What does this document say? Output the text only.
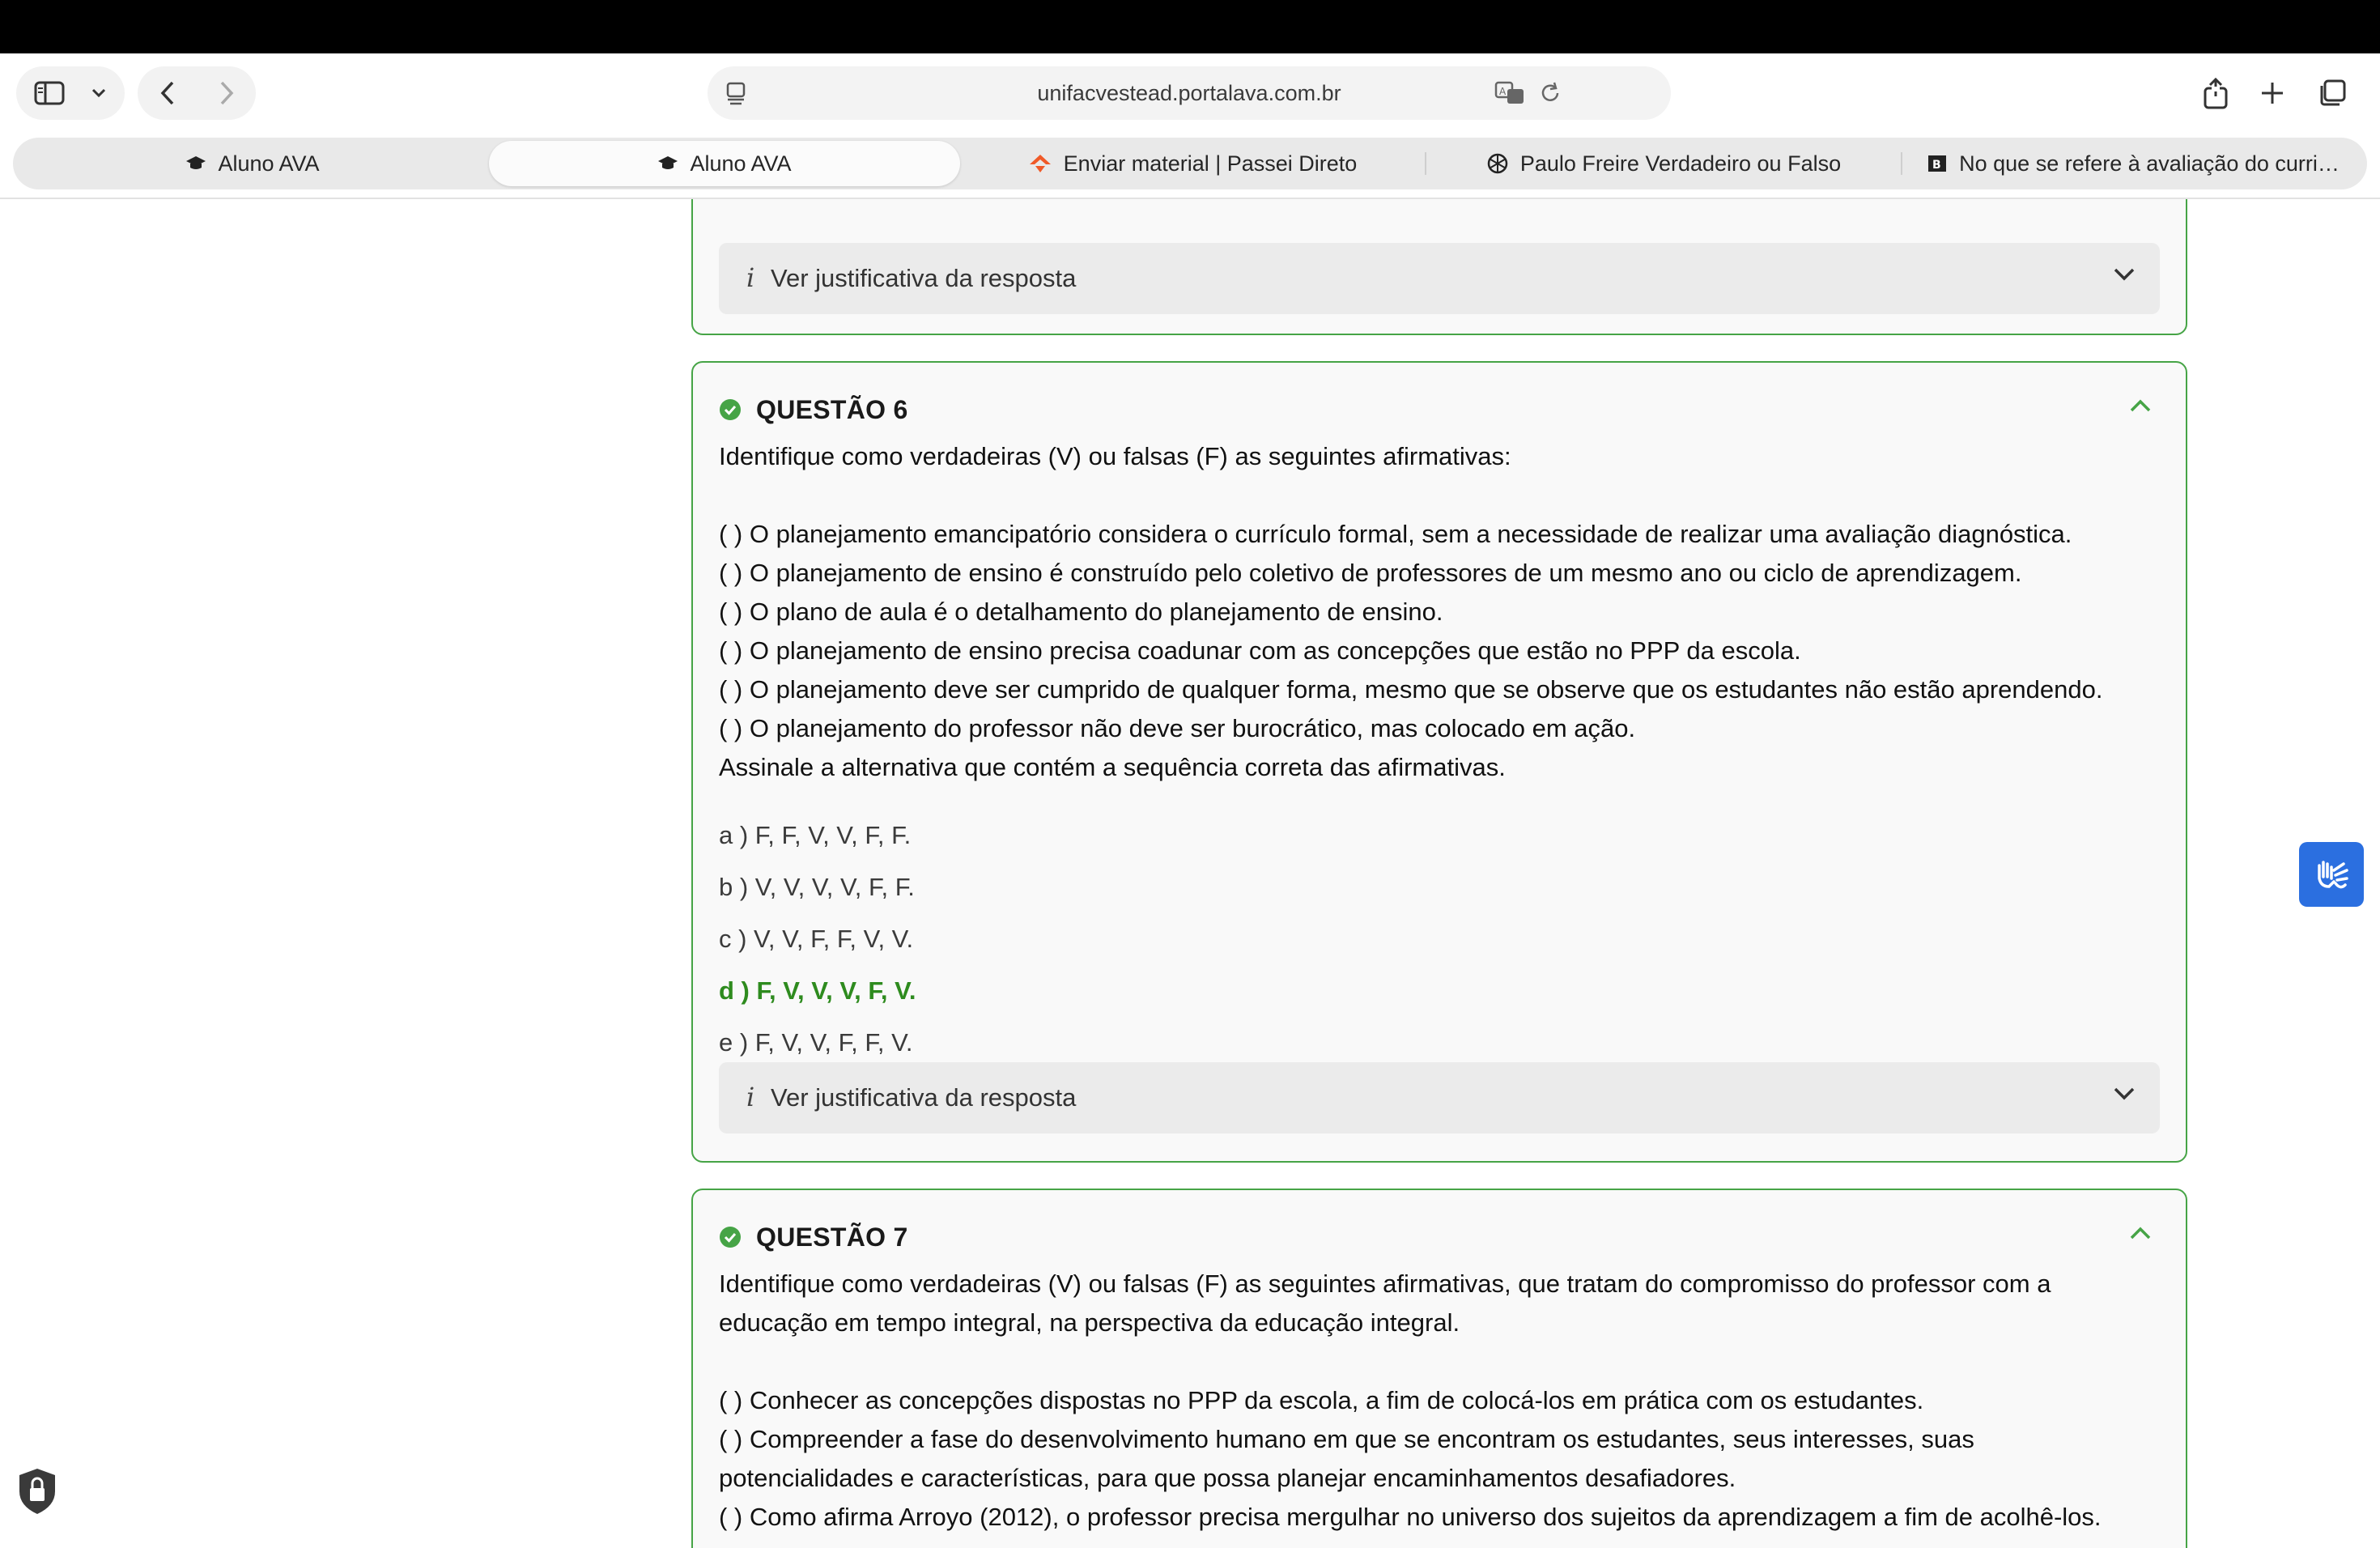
unifacvestead.portalava.com.br	A
Aluno AVA	Aluno AVA	Enviar material | Passei Direto	Paulo Freire Verdadeiro ou Falso	B No que se refere à avaliação do curri…
i Ver justificativa da resposta
QUESTÃO 6
Identifique como verdadeiras (V) ou falsas (F) as seguintes afirmativas:
( ) O planejamento emancipatório considera o currículo formal, sem a necessidade de realizar uma avaliação diagnóstica.
( ) O planejamento de ensino é construído pelo coletivo de professores de um mesmo ano ou ciclo de aprendizagem.
( ) O plano de aula é o detalhamento do planejamento de ensino.
( ) O planejamento de ensino precisa coadunar com as concepções que estão no PPP da escola.
( ) O planejamento deve ser cumprido de qualquer forma, mesmo que se observe que os estudantes não estão aprendendo.
( ) O planejamento do professor não deve ser burocrático, mas colocado em ação.
Assinale a alternativa que contém a sequência correta das afirmativas.
a ) F, F, V, V, F, F.
b ) V, V, V, V, F, F.
c ) V, V, F, F, V, V.
d ) F, V, V, V, F, V.
e ) F, V, V, F, F, V.
i Ver justificativa da resposta
QUESTÃO 7
Identifique como verdadeiras (V) ou falsas (F) as seguintes afirmativas, que tratam do compromisso do professor com a educação em tempo integral, na perspectiva da educação integral.
( ) Conhecer as concepções dispostas no PPP da escola, a fim de colocá-los em prática com os estudantes.
( ) Compreender a fase do desenvolvimento humano em que se encontram os estudantes, seus interesses, suas potencialidades e características, para que possa planejar encaminhamentos desafiadores.
( ) Como afirma Arroyo (2012), o professor precisa mergulhar no universo dos sujeitos da aprendizagem a fim de acolhê-los.
